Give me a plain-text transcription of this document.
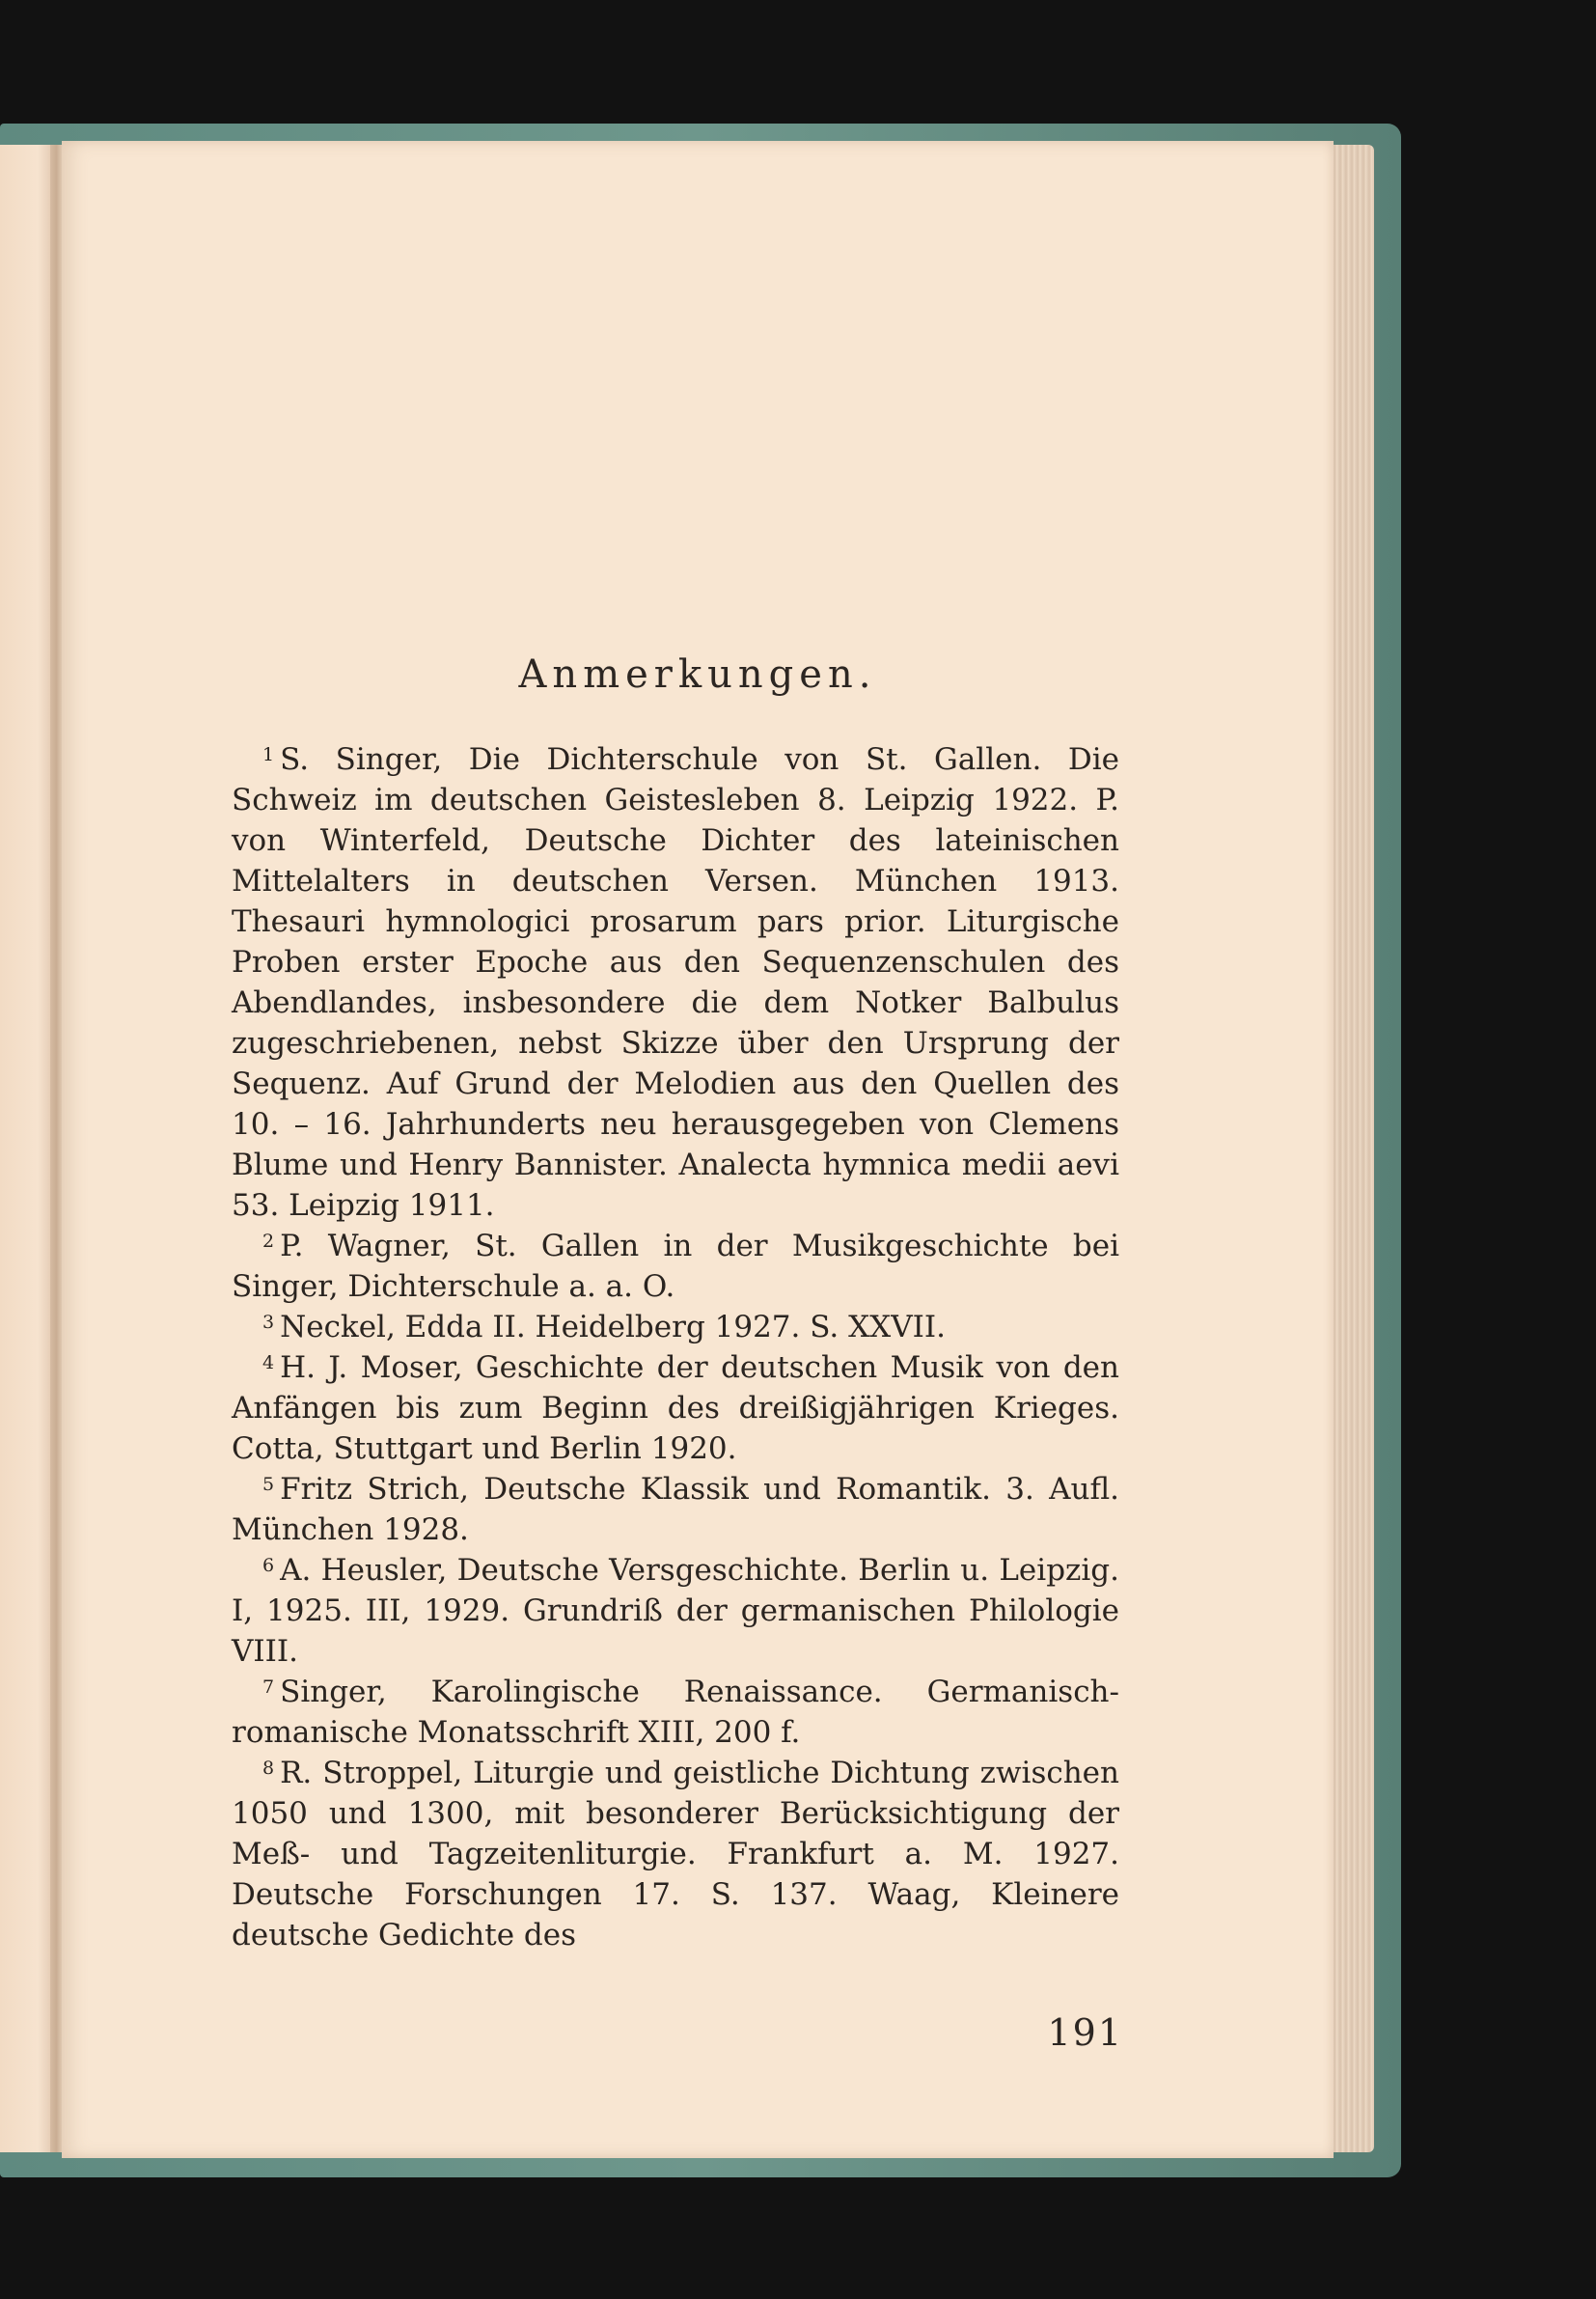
Anmerkungen.

$^1$ S. Singer, Die Dichterschule von St. Gallen. Die Schweiz im deutschen Geistesleben 8. Leipzig 1922. P. von Winterfeld, Deutsche Dichter des lateinischen Mittelalters in deutschen Versen. München 1913. Thesauri hymnologici prosarum pars prior. Liturgische Proben erster Epoche aus den Sequenzenschulen des Abendlandes, insbesondere die dem Notker Balbulus zugeschriebenen, nebst Skizze über den Ursprung der Sequenz. Auf Grund der Melodien aus den Quellen des 10. – 16. Jahrhunderts neu herausgegeben von Clemens Blume und Henry Bannister. Analecta hymnica medii aevi 53. Leipzig 1911.

$^2$ P. Wagner, St. Gallen in der Musikgeschichte bei Singer, Dichterschule a. a. O.

$^3$ Neckel, Edda II. Heidelberg 1927. S. XXVII.

$^4$ H. J. Moser, Geschichte der deutschen Musik von den Anfängen bis zum Beginn des dreißigjährigen Krieges. Cotta, Stuttgart und Berlin 1920.

$^5$ Fritz Strich, Deutsche Klassik und Romantik. 3. Aufl. München 1928.

$^6$ A. Heusler, Deutsche Versgeschichte. Berlin u. Leipzig. I, 1925. III, 1929. Grundriß der germanischen Philologie VIII.

$^7$ Singer, Karolingische Renaissance. Germanisch-romanische Monatsschrift XIII, 200 f.

$^8$ R. Stroppel, Liturgie und geistliche Dichtung zwischen 1050 und 1300, mit besonderer Berücksichtigung der Meß- und Tagzeitenliturgie. Frankfurt a. M. 1927. Deutsche Forschungen 17. S. 137. Waag, Kleinere deutsche Gedichte des

191
